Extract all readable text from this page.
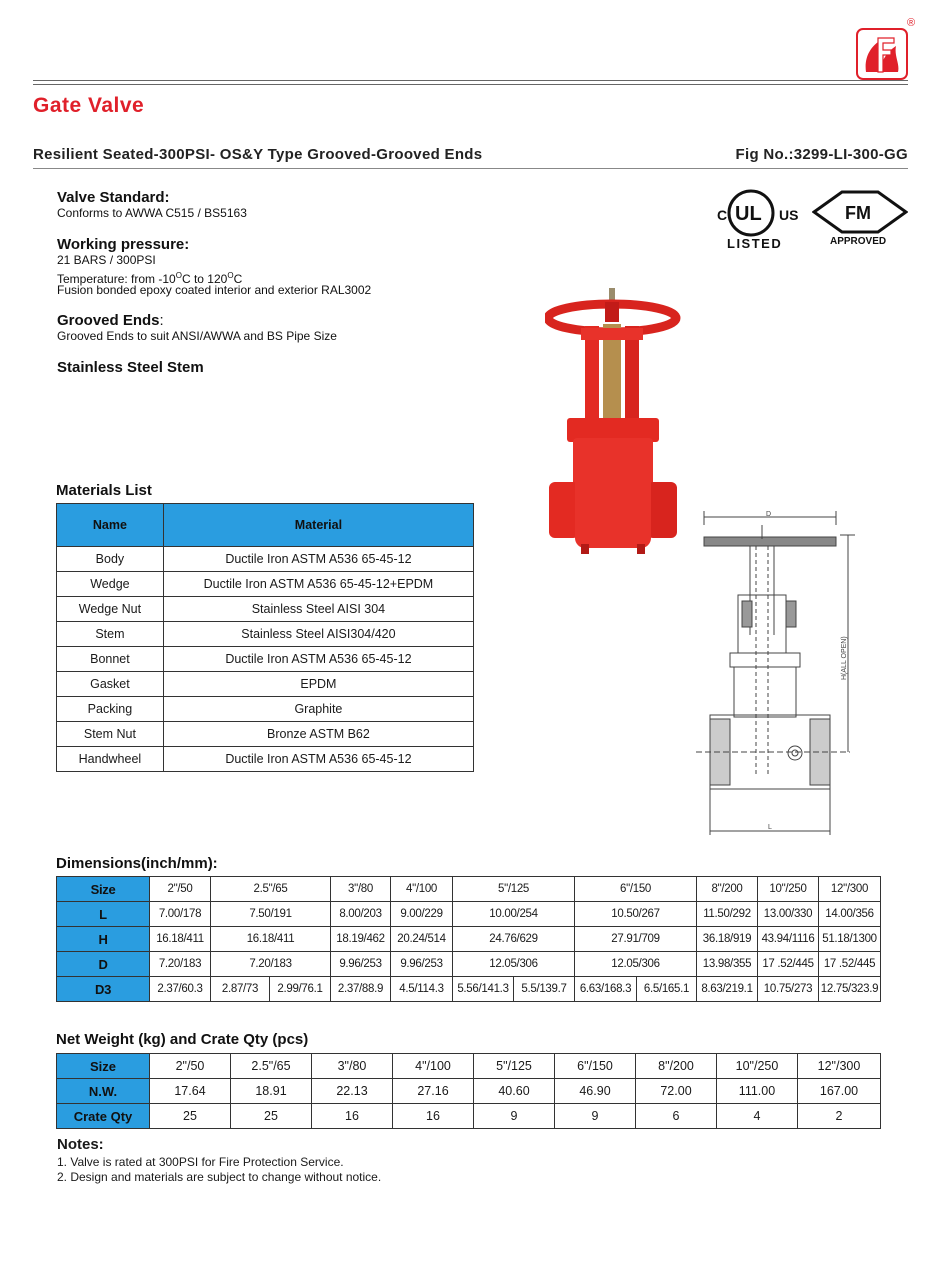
®
Gate Valve
Resilient Seated-300PSI- OS&Y Type Grooved-Grooved Ends	Fig No.:3299-LI-300-GG
C UL US
LISTED
FM
APPROVED
Valve Standard:
Conforms to AWWA C515 / BS5163
Working pressure:
21 BARS / 300PSI
Temperature: from $-10^OC$ to $120^OC$
Fusion bonded epoxy coated interior and exterior RAL3002
Grooved Ends:
Grooved Ends to suit ANSI/AWWA and BS Pipe Size
Stainless Steel Stem
D
L
H(ALL OPEN)
Materials List
Name	Material
Body	Ductile Iron ASTM A536 65-45-12
Wedge	Ductile Iron ASTM A536 65-45-12+EPDM
Wedge Nut	Stainless Steel AISI 304
Stem	Stainless Steel AISI304/420
Bonnet	Ductile Iron ASTM A536 65-45-12
Gasket	EPDM
Packing	Graphite
Stem Nut	Bronze ASTM B62
Handwheel	Ductile Iron ASTM A536 65-45-12
Dimensions(inch/mm):
Size	2"/50	2.5"/65		3"/80	4"/100	5"/125		6"/150		8"/200	10"/250	12"/300
L	7.00/178	7.50/191		8.00/203	9.00/229	10.00/254		10.50/267		11.50/292	13.00/330	14.00/356
H	16.18/411	16.18/411		18.19/462	20.24/514	24.76/629		27.91/709		36.18/919	43.94/1116	51.18/1300
D	7.20/183	7.20/183		9.96/253	9.96/253	12.05/306		12.05/306		13.98/355	17 .52/445	17 .52/445
D3	2.37/60.3	2.87/73	2.99/76.1	2.37/88.9	4.5/114.3	5.56/141.3	5.5/139.7	6.63/168.3	6.5/165.1	8.63/219.1	10.75/273	12.75/323.9
Net Weight (kg) and Crate Qty (pcs)
Size	2"/50	2.5"/65	3"/80	4"/100	5"/125	6"/150	8"/200	10"/250	12"/300
N.W.	17.64	18.91	22.13	27.16	40.60	46.90	72.00	111.00	167.00
Crate Qty	25	25	16	16	9	9	6	4	2
Notes:
1. Valve is rated at 300PSI for Fire Protection Service.
2. Design and materials are subject to change without notice.
